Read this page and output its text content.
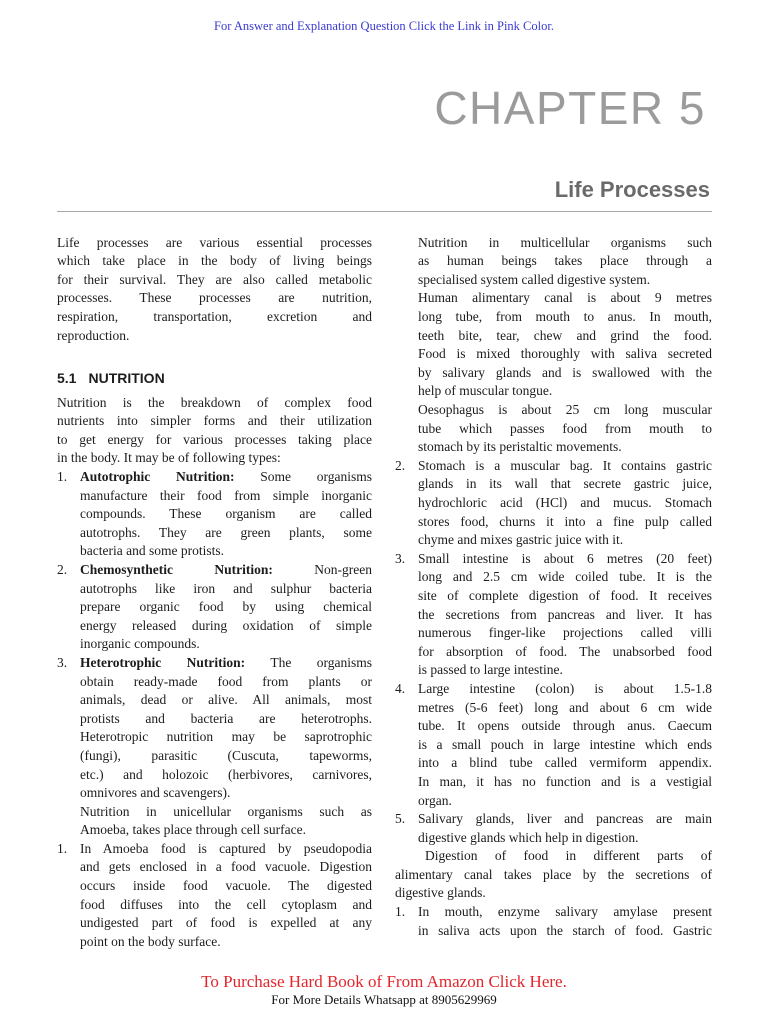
For Answer and Explanation Question Click the Link in Pink Color.
CHAPTER 5
Life Processes
Life processes are various essential processes
which take place in the body of living beings
for their survival. They are also called metabolic
processes. These processes are nutrition,
respiration, transportation, excretion and
reproduction.
5.1 NUTRITION
Nutrition is the breakdown of complex food
nutrients into simpler forms and their utilization
to get energy for various processes taking place
in the body. It may be of following types:
1. Autotrophic Nutrition: Some organisms
manufacture their food from simple inorganic
compounds. These organism are called
autotrophs. They are green plants, some
bacteria and some protists.
2. Chemosynthetic Nutrition:	Non-green
autotrophs like iron and sulphur bacteria
prepare organic food by using chemical
energy released during oxidation of simple
inorganic compounds.
3. Heterotrophic Nutrition: The organisms
obtain ready-made food from plants or
animals, dead or alive. All animals, most
protists and bacteria are heterotrophs.
Heterotropic nutrition may be saprotrophic
(fungi), parasitic (Cuscuta, tapeworms,
etc.) and holozoic (herbivores, carnivores,
omnivores and scavengers).
Nutrition in unicellular organisms such as
Amoeba, takes place through cell surface.
1. In Amoeba food is captured by pseudopodia
and gets enclosed in a food vacuole. Digestion
occurs inside food vacuole. The digested
food diffuses into the cell cytoplasm and
undigested part of food is expelled at any
point on the body surface.
Nutrition in multicellular organisms such
as human beings takes place through a
specialised system called digestive system.
Human alimentary canal is about 9 metres
long tube, from mouth to anus. In mouth,
teeth bite, tear, chew and grind the food.
Food is mixed thoroughly with saliva secreted
by salivary glands and is swallowed with the
help of muscular tongue.
Oesophagus is about 25 cm long muscular
tube which passes food from mouth to
stomach by its peristaltic movements.
2. Stomach is a muscular bag. It contains gastric
glands in its wall that secrete gastric juice,
hydrochloric acid (HCl) and mucus. Stomach
stores food, churns it into a fine pulp called
chyme and mixes gastric juice with it.
3. Small intestine is about 6 metres (20 feet)
long and 2.5 cm wide coiled tube. It is the
site of complete digestion of food. It receives
the secretions from pancreas and liver. It has
numerous finger-like projections called villi
for absorption of food. The unabsorbed food
is passed to large intestine.
4. Large intestine (colon) is about 1.5-1.8
metres (5-6 feet) long and about 6 cm wide
tube. It opens outside through anus. Caecum
is a small pouch in large intestine which ends
into a blind tube called vermiform appendix.
In man, it has no function and is a vestigial
organ.
5. Salivary glands, liver and pancreas are main
digestive glands which help in digestion.
Digestion of food in different parts of
alimentary canal takes place by the secretions of
digestive glands.
1. In mouth, enzyme salivary amylase present
in saliva acts upon the starch of food. Gastric
To Purchase Hard Book of From Amazon Click Here.
For More Details Whatsapp at 8905629969
